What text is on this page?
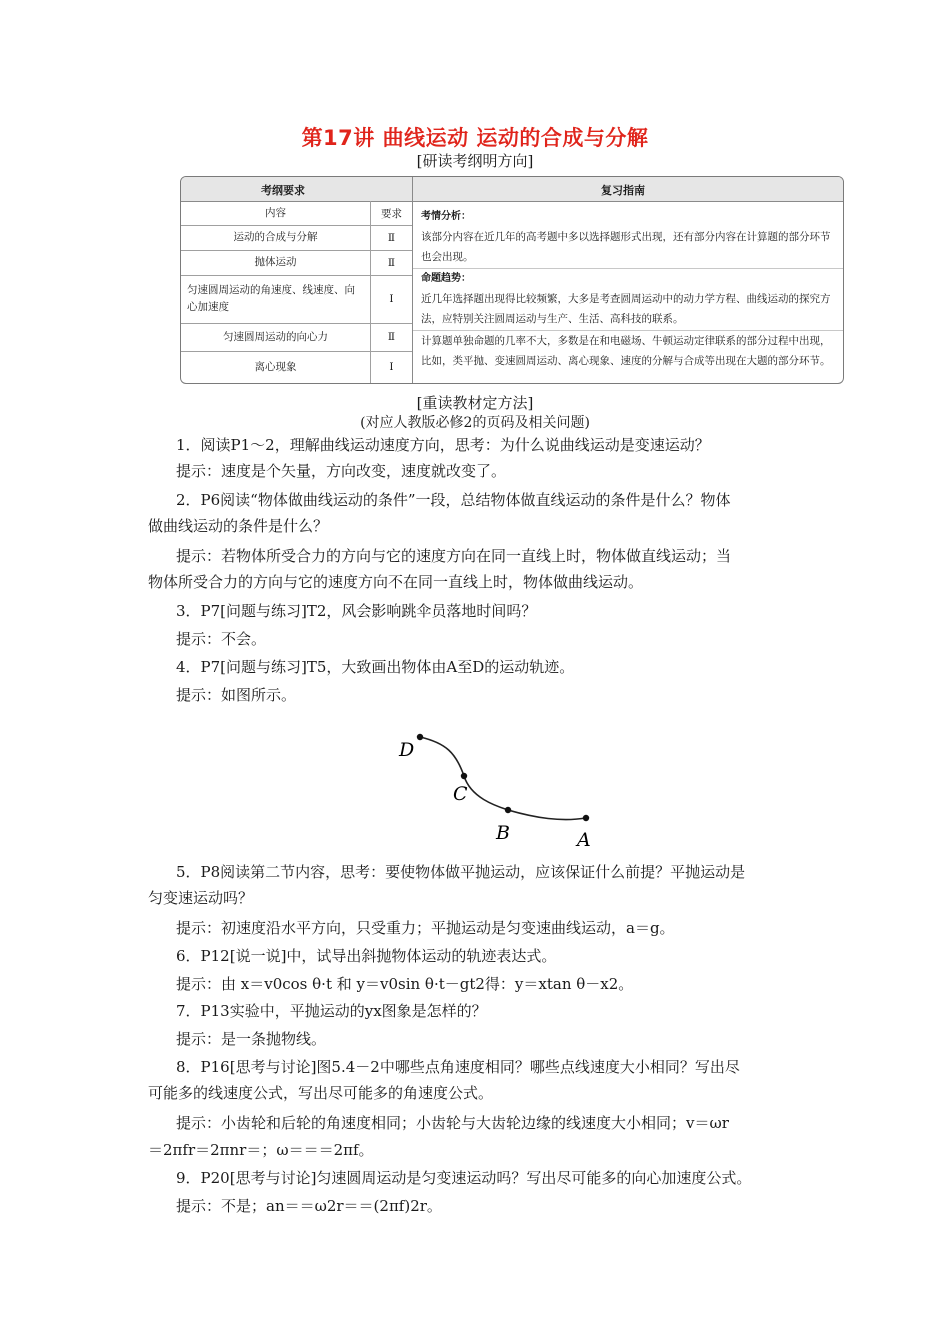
第17讲 曲线运动 运动的合成与分解
[研读考纲明方向]
考纲要求	复习指南
内容	要求
运动的合成与分解	Ⅱ
抛体运动	Ⅱ
匀速圆周运动的角速度、线速度、向心加速度
Ⅰ
匀速圆周运动的向心力	Ⅱ
离心现象	Ⅰ
考情分析：
该部分内容在近几年的高考题中多以选择题形式出现，还有部分内容在计算题的部分环节也会出现。
命题趋势：
近几年选择题出现得比较频繁，大多是考查圆周运动中的动力学方程、曲线运动的探究方法，应特别关注圆周运动与生产、生活、高科技的联系。
计算题单独命题的几率不大，多数是在和电磁场、牛顿运动定律联系的部分过程中出现，比如，类平抛、变速圆周运动、离心现象、速度的分解与合成等出现在大题的部分环节。
[重读教材定方法]
(对应人教版必修2的页码及相关问题)
1．阅读P1～2，理解曲线运动速度方向，思考：为什么说曲线运动是变速运动？
提示：速度是个矢量，方向改变，速度就改变了。
2．P6阅读“物体做曲线运动的条件”一段，总结物体做直线运动的条件是什么？物体
做曲线运动的条件是什么？
提示：若物体所受合力的方向与它的速度方向在同一直线上时，物体做直线运动；当
物体所受合力的方向与它的速度方向不在同一直线上时，物体做曲线运动。
3．P7[问题与练习]T2，风会影响跳伞员落地时间吗？
提示：不会。
4．P7[问题与练习]T5，大致画出物体由A至D的运动轨迹。
提示：如图所示。
D
C
B	A
5．P8阅读第二节内容，思考：要使物体做平抛运动，应该保证什么前提？平抛运动是
匀变速运动吗？
提示：初速度沿水平方向，只受重力；平抛运动是匀变速曲线运动，a＝g。
6．P12[说一说]中，试导出斜抛物体运动的轨迹表达式。
提示：由 x＝v0cos θ·t 和 y＝v0sin θ·t－gt2得：y＝xtan θ－x2。
7．P13实验中，平抛运动的yx图象是怎样的？
提示：是一条抛物线。
8．P16[思考与讨论]图5.4－2中哪些点角速度相同？哪些点线速度大小相同？写出尽
可能多的线速度公式，写出尽可能多的角速度公式。
提示：小齿轮和后轮的角速度相同；小齿轮与大齿轮边缘的线速度大小相同；v＝ωr
＝2πfr＝2πnr＝；ω＝＝＝2πf。
9．P20[思考与讨论]匀速圆周运动是匀变速运动吗？写出尽可能多的向心加速度公式。
提示：不是；an＝＝ω2r＝＝(2πf)2r。
